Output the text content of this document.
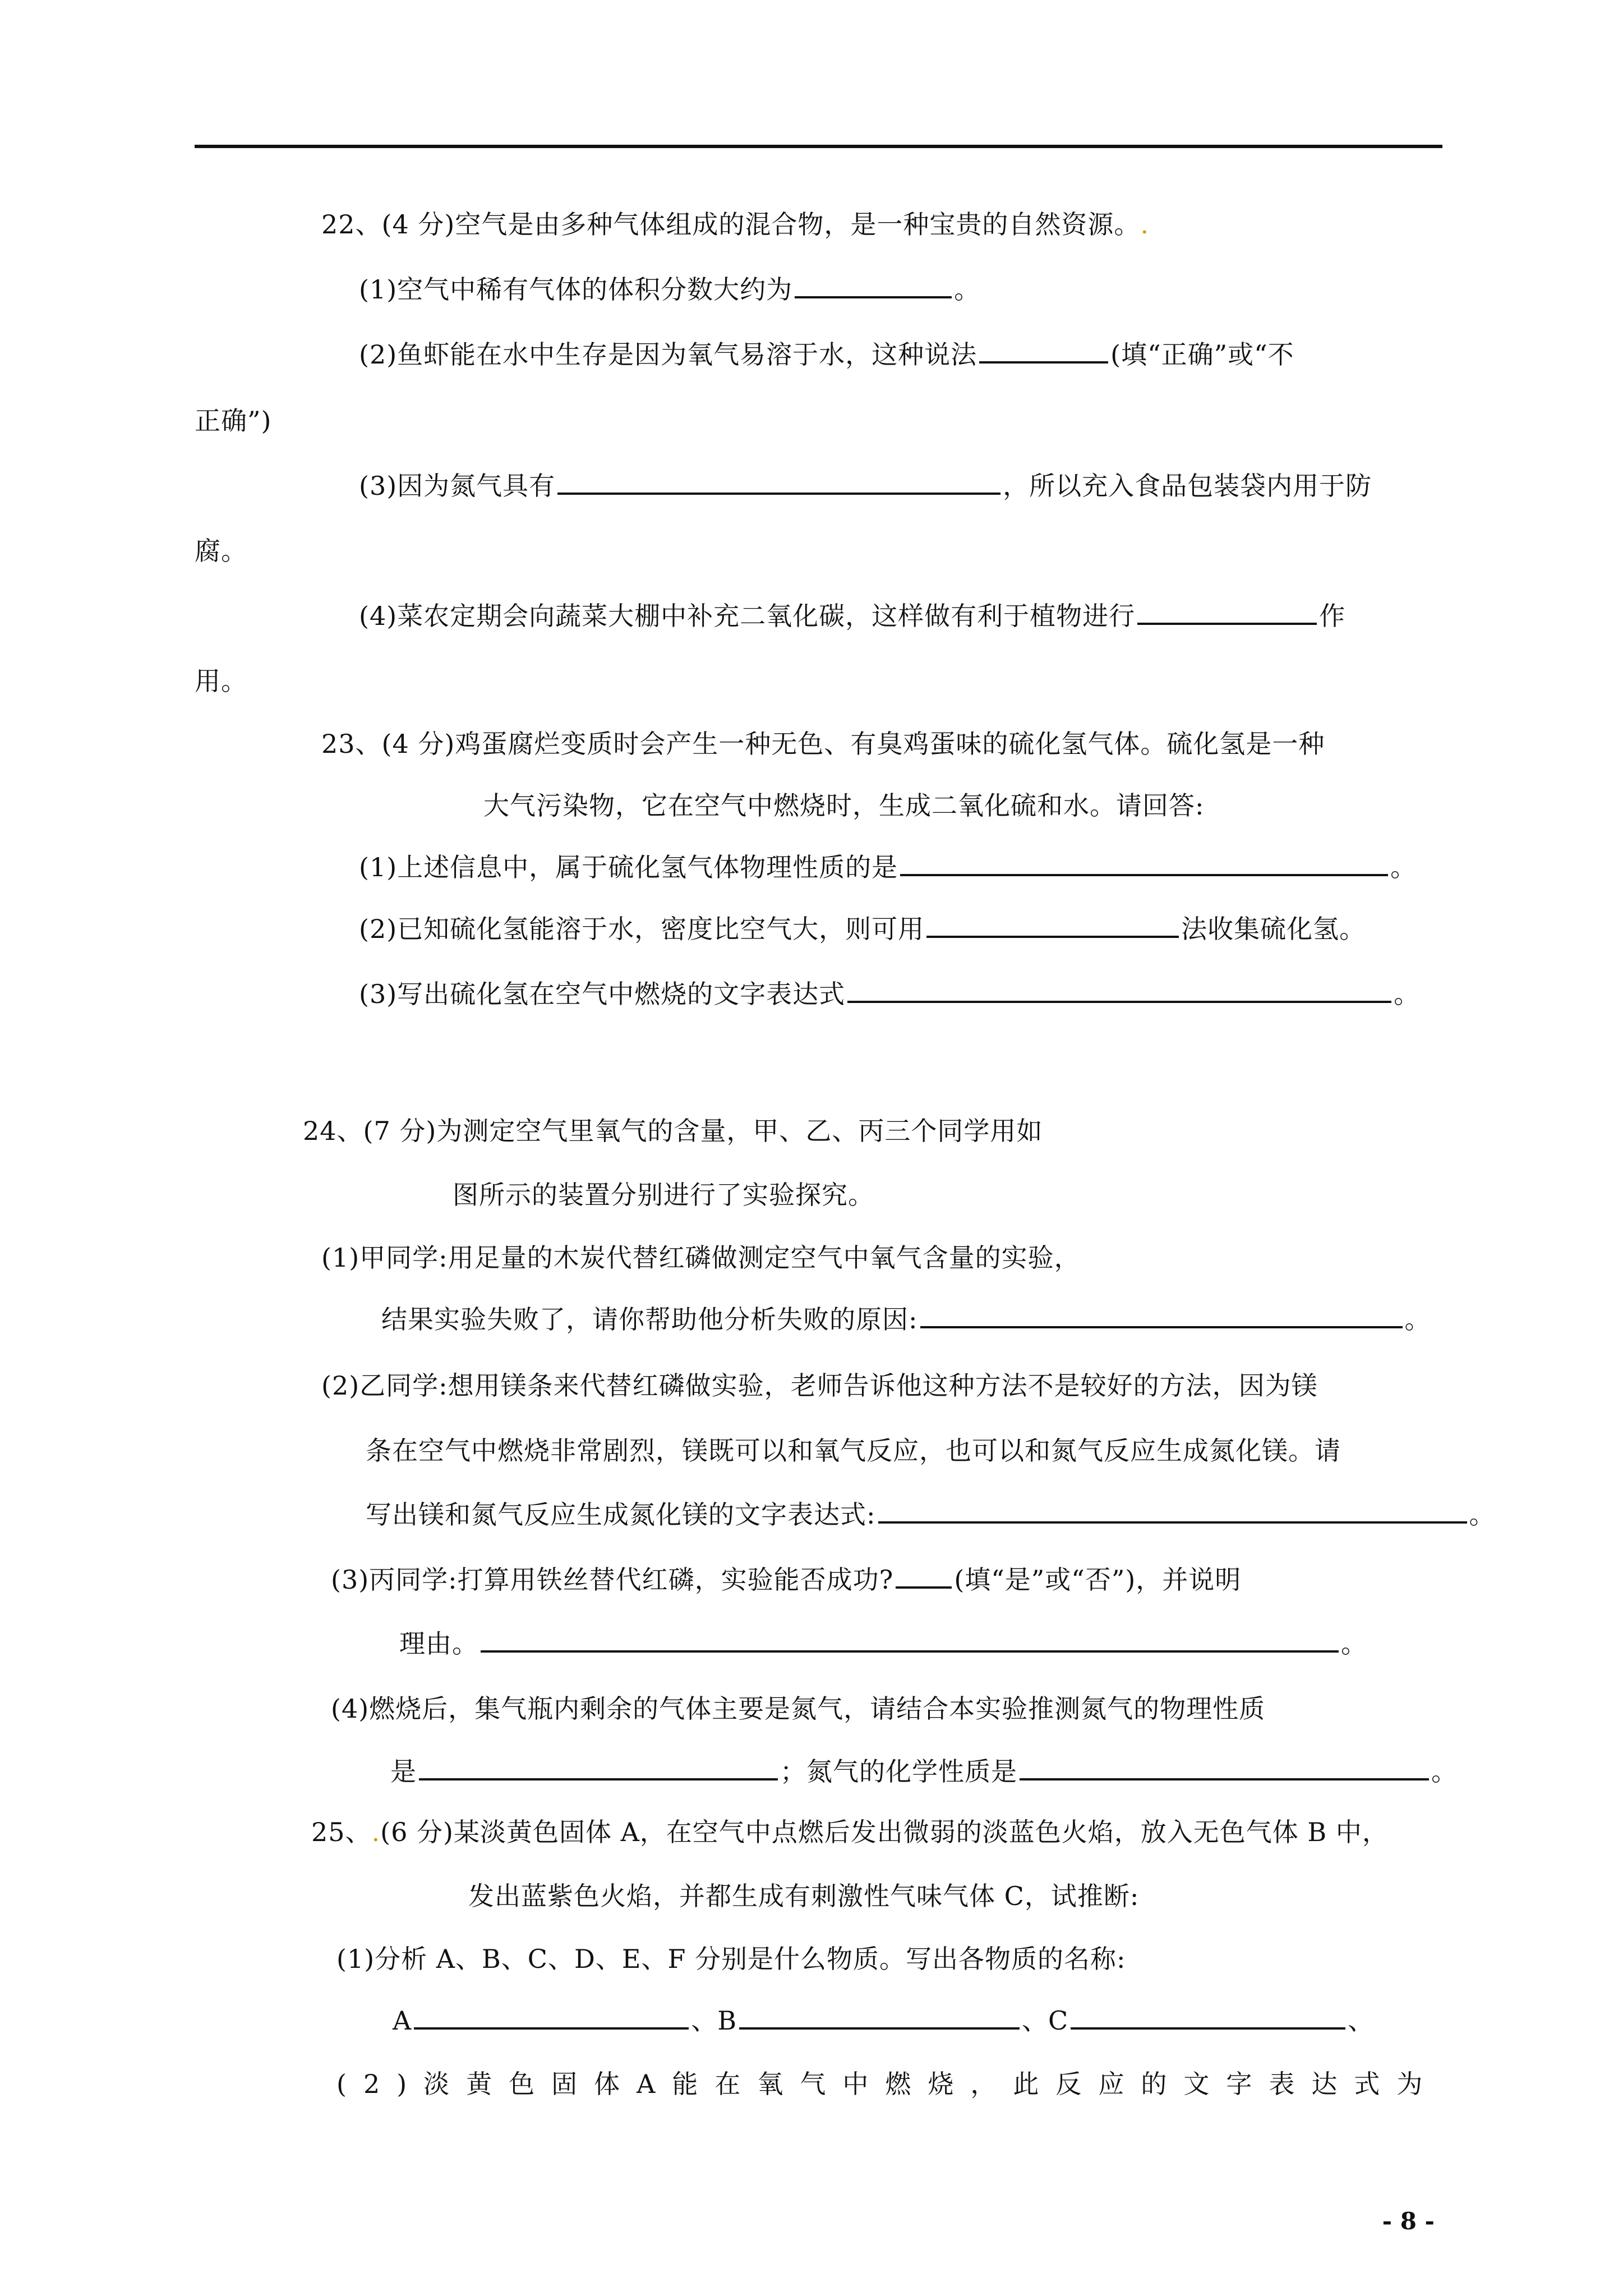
22、(4 分)空气是由多种气体组成的混合物，是一种宝贵的自然资源。.
(1)空气中稀有气体的体积分数大约为	。
(2)鱼虾能在水中生存是因为氧气易溶于水，这种说法	(填“正确”或“不
正确”)
(3)因为氮气具有	，所以充入食品包装袋内用于防
腐。
(4)菜农定期会向蔬菜大棚中补充二氧化碳，这样做有利于植物进行	作
用。
23、(4 分)鸡蛋腐烂变质时会产生一种无色、有臭鸡蛋味的硫化氢气体。硫化氢是一种
大气污染物，它在空气中燃烧时，生成二氧化硫和水。请回答:
(1)上述信息中，属于硫化氢气体物理性质的是	。
(2)已知硫化氢能溶于水，密度比空气大，则可用	法收集硫化氢。
(3)写出硫化氢在空气中燃烧的文字表达式	。
24、(7 分)为测定空气里氧气的含量，甲、乙、丙三个同学用如
图所示的装置分别进行了实验探究。
(1)甲同学:用足量的木炭代替红磷做测定空气中氧气含量的实验，
结果实验失败了，请你帮助他分析失败的原因:	。
(2)乙同学:想用镁条来代替红磷做实验，老师告诉他这种方法不是较好的方法，因为镁
条在空气中燃烧非常剧烈，镁既可以和氧气反应，也可以和氮气反应生成氮化镁。请
写出镁和氮气反应生成氮化镁的文字表达式:	。
(3)丙同学:打算用铁丝替代红磷，实验能否成功? (填“是”或“否”)，并说明
理由。	。
(4)燃烧后，集气瓶内剩余的气体主要是氮气，请结合本实验推测氮气的物理性质
是	；氮气的化学性质是	。
25、.(6 分)某淡黄色固体 A，在空气中点燃后发出微弱的淡蓝色火焰，放入无色气体 B 中，
发出蓝紫色火焰，并都生成有刺激性气味气体 C，试推断:
(1)分析 A、B、C、D、E、F 分别是什么物质。写出各物质的名称:
A	、B	、C	、
(2)淡黄色固体A能在氧气中燃烧，此反应的文字表达式为
- 8 -
